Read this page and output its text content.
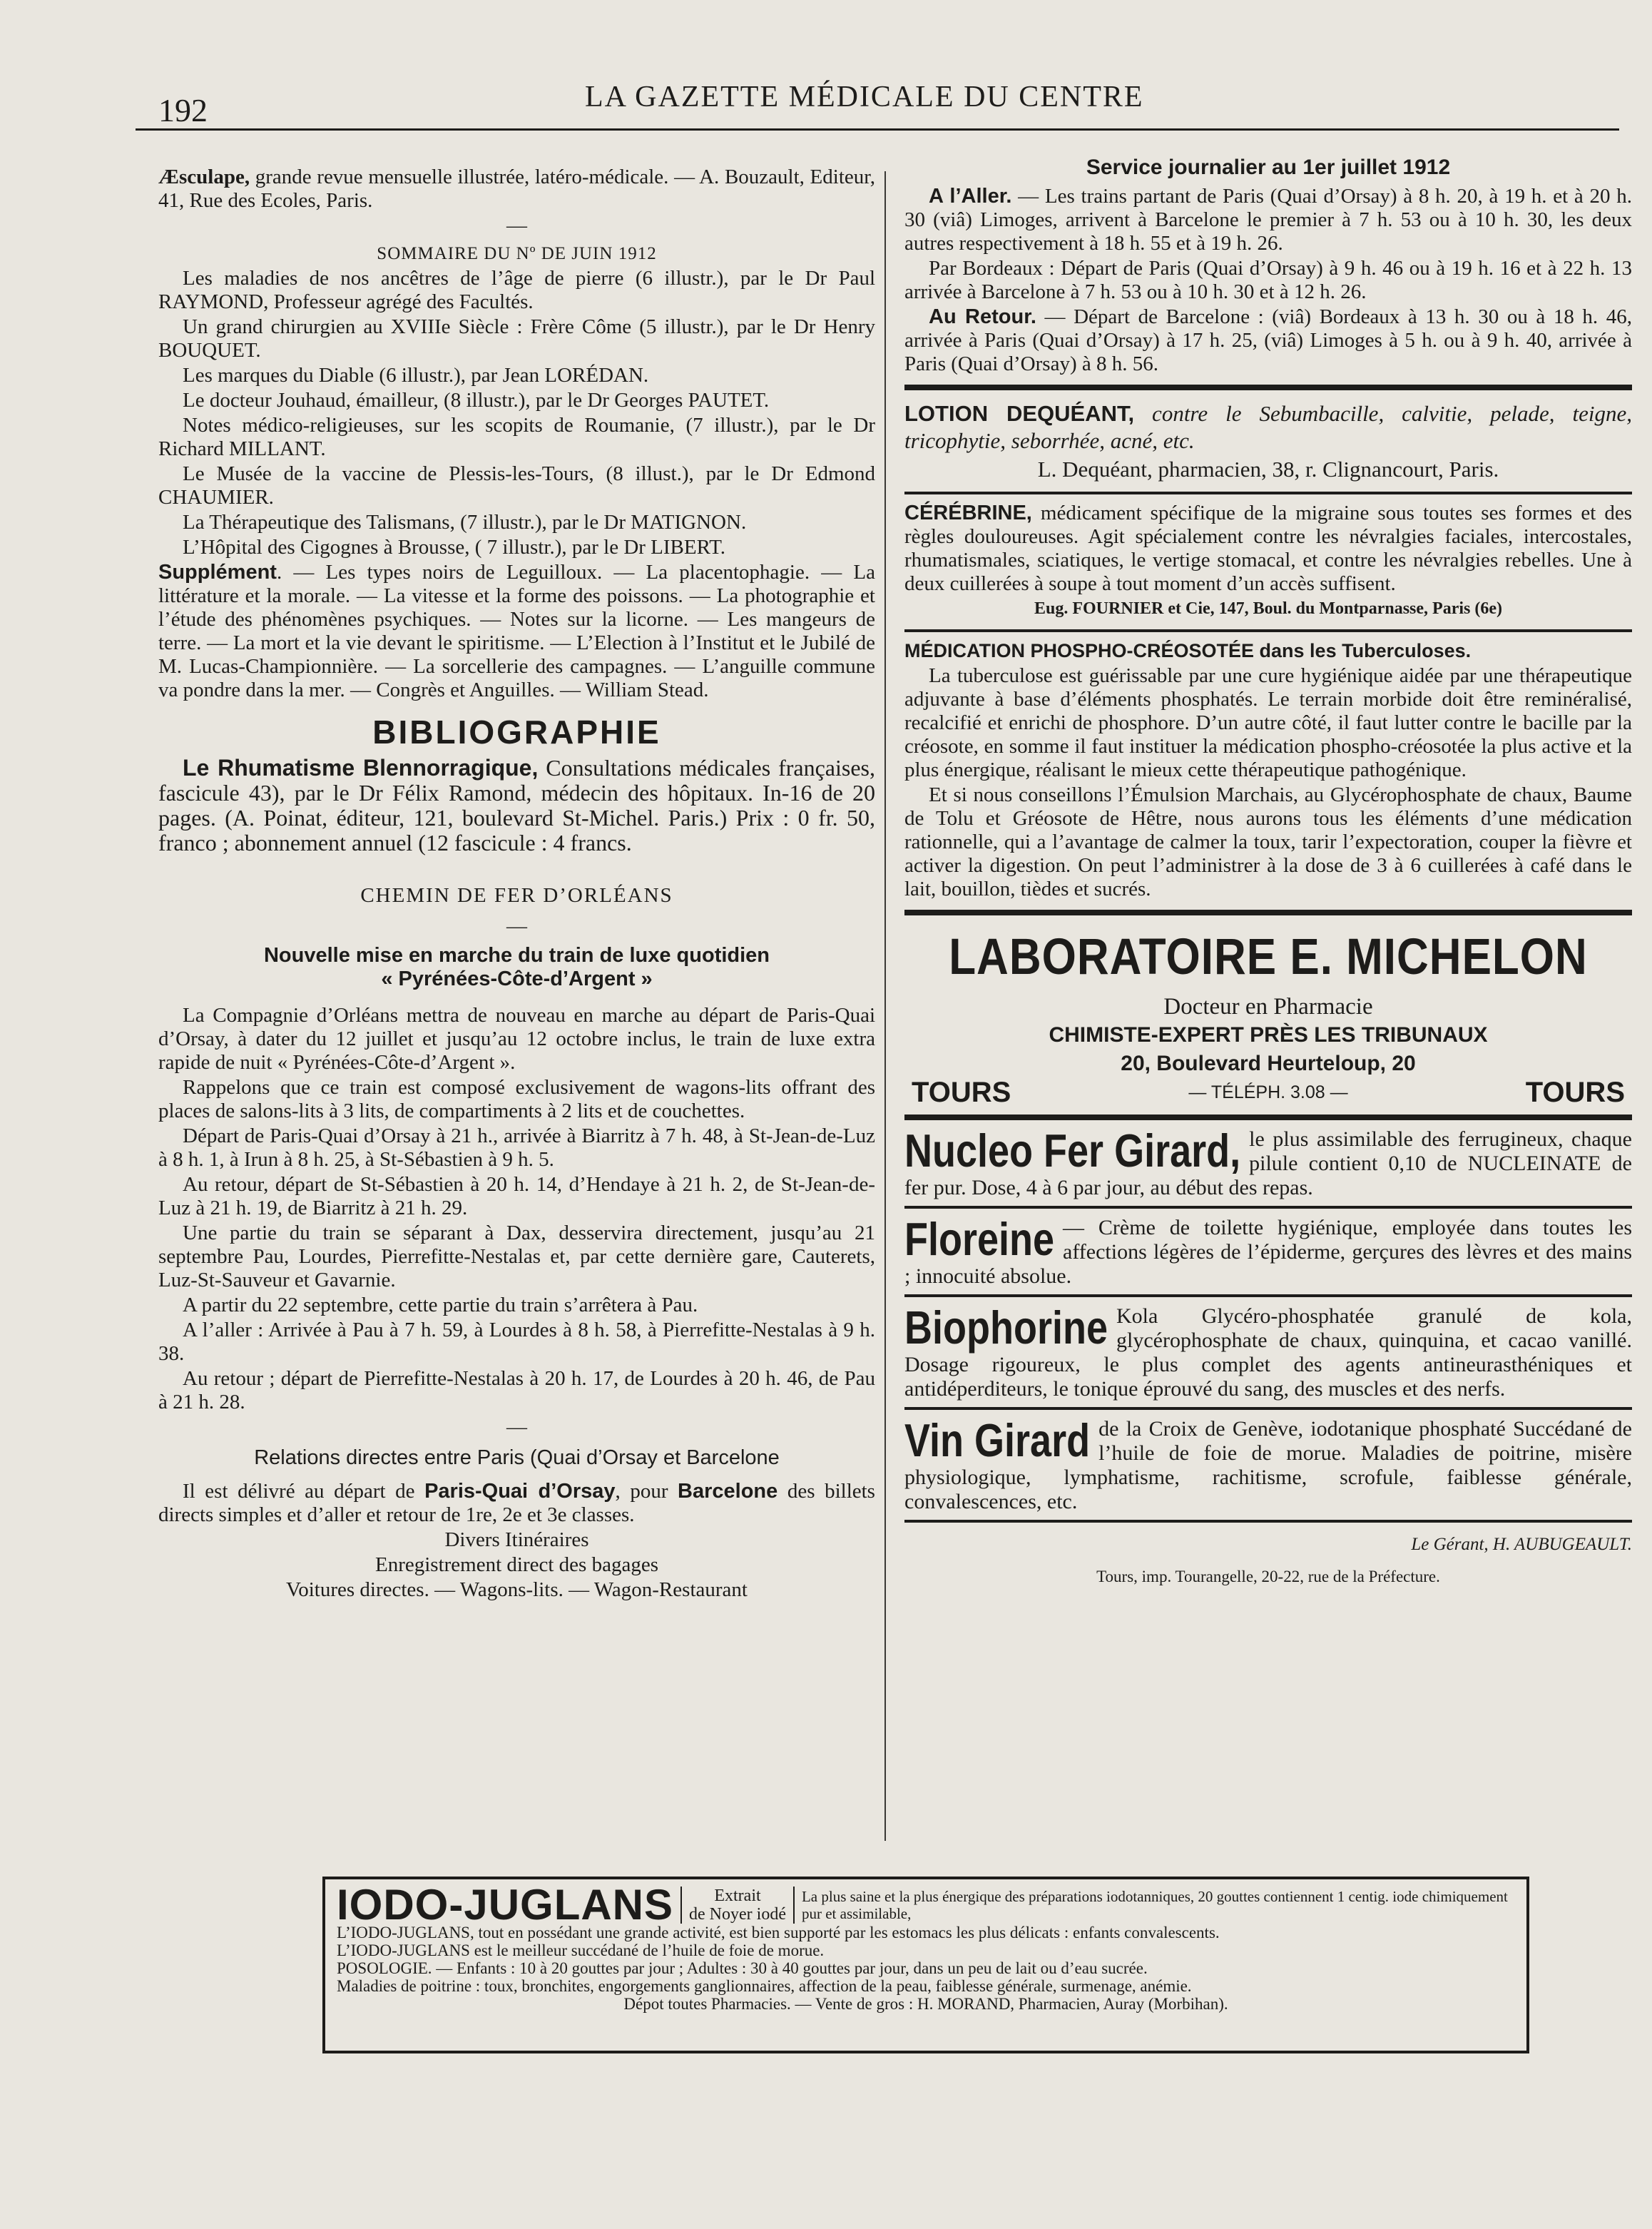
192	LA GAZETTE MÉDICALE DU CENTRE

Æsculape, grande revue mensuelle illustrée, latéro-médicale. — A. Bouzault, Editeur, 41, Rue des Ecoles, Paris.

—

SOMMAIRE DU Nº DE JUIN 1912

Les maladies de nos ancêtres de l’âge de pierre (6 illustr.), par le Dr Paul RAYMOND, Professeur agrégé des Facultés.

Un grand chirurgien au XVIIIe Siècle : Frère Côme (5 illustr.), par le Dr Henry BOUQUET.

Les marques du Diable (6 illustr.), par Jean LORÉDAN.

Le docteur Jouhaud, émailleur, (8 illustr.), par le Dr Georges PAUTET.

Notes médico-religieuses, sur les scopits de Roumanie, (7 illustr.), par le Dr Richard MILLANT.

Le Musée de la vaccine de Plessis-les-Tours, (8 illust.), par le Dr Edmond CHAUMIER.

La Thérapeutique des Talismans, (7 illustr.), par le Dr MATIGNON.

L’Hôpital des Cigognes à Brousse, ( 7 illustr.), par le Dr LIBERT.

Supplément. — Les types noirs de Leguilloux. — La placentophagie. — La littérature et la morale. — La vitesse et la forme des poissons. — La photographie et l’étude des phénomènes psychiques. — Notes sur la licorne. — Les mangeurs de terre. — La mort et la vie devant le spiritisme. — L’Election à l’Institut et le Jubilé de M. Lucas-Championnière. — La sorcellerie des campagnes. — L’anguille commune va pondre dans la mer. — Congrès et Anguilles. — William Stead.

BIBLIOGRAPHIE

Le Rhumatisme Blennorragique, Consultations médicales françaises, fascicule 43), par le Dr Félix Ramond, médecin des hôpitaux. In-16 de 20 pages. (A. Poinat, éditeur, 121, boulevard St-Michel. Paris.) Prix : 0 fr. 50, franco ; abonnement annuel (12 fascicule : 4 francs.

CHEMIN DE FER D’ORLÉANS
—
Nouvelle mise en marche du train de luxe quotidien
« Pyrénées-Côte-d’Argent »

La Compagnie d’Orléans mettra de nouveau en marche au départ de Paris-Quai d’Orsay, à dater du 12 juillet et jusqu’au 12 octobre inclus, le train de luxe extra rapide de nuit « Pyrénées-Côte-d’Argent ».

Rappelons que ce train est composé exclusivement de wagons-lits offrant des places de salons-lits à 3 lits, de compartiments à 2 lits et de couchettes.

Départ de Paris-Quai d’Orsay à 21 h., arrivée à Biarritz à 7 h. 48, à St-Jean-de-Luz à 8 h. 1, à Irun à 8 h. 25, à St-Sébastien à 9 h. 5.

Au retour, départ de St-Sébastien à 20 h. 14, d’Hendaye à 21 h. 2, de St-Jean-de-Luz à 21 h. 19, de Biarritz à 21 h. 29.

Une partie du train se séparant à Dax, desservira directement, jusqu’au 21 septembre Pau, Lourdes, Pierrefitte-Nestalas et, par cette dernière gare, Cauterets, Luz-St-Sauveur et Gavarnie.

A partir du 22 septembre, cette partie du train s’arrêtera à Pau.

A l’aller : Arrivée à Pau à 7 h. 59, à Lourdes à 8 h. 58, à Pierrefitte-Nestalas à 9 h. 38.

Au retour ; départ de Pierrefitte-Nestalas à 20 h. 17, de Lourdes à 20 h. 46, de Pau à 21 h. 28.

—

Relations directes entre Paris (Quai d’Orsay et Barcelone

Il est délivré au départ de Paris-Quai d’Orsay, pour Barcelone des billets directs simples et d’aller et retour de 1re, 2e et 3e classes.

Divers Itinéraires

Enregistrement direct des bagages

Voitures directes. — Wagons-lits. — Wagon-Restaurant

Service journalier au 1er juillet 1912

A l’Aller. — Les trains partant de Paris (Quai d’Orsay) à 8 h. 20, à 19 h. et à 20 h. 30 (viâ) Limoges, arrivent à Barcelone le premier à 7 h. 53 ou à 10 h. 30, les deux autres respectivement à 18 h. 55 et à 19 h. 26.

Par Bordeaux : Départ de Paris (Quai d’Orsay) à 9 h. 46 ou à 19 h. 16 et à 22 h. 13 arrivée à Barcelone à 7 h. 53 ou à 10 h. 30 et à 12 h. 26.

Au Retour. — Départ de Barcelone : (viâ) Bordeaux à 13 h. 30 ou à 18 h. 46, arrivée à Paris (Quai d’Orsay) à 17 h. 25, (viâ) Limoges à 5 h. ou à 9 h. 40, arrivée à Paris (Quai d’Orsay) à 8 h. 56.

LOTION DEQUÉANT, contre le Sebumbacille, calvitie, pelade, teigne, tricophytie, seborrhée, acné, etc.

L. Dequéant, pharmacien, 38, r. Clignancourt, Paris.

CÉRÉBRINE, médicament spécifique de la migraine sous toutes ses formes et des règles douloureuses. Agit spécialement contre les névralgies faciales, intercostales, rhumatismales, sciatiques, le vertige stomacal, et contre les névralgies rebelles. Une à deux cuillerées à soupe à tout moment d’un accès suffisent.

Eug. FOURNIER et Cie, 147, Boul. du Montparnasse, Paris (6e)

MÉDICATION PHOSPHO-CRÉOSOTÉE dans les Tuberculoses.

La tuberculose est guérissable par une cure hygiénique aidée par une thérapeutique adjuvante à base d’éléments phosphatés. Le terrain morbide doit être reminéralisé, recalcifié et enrichi de phosphore. D’un autre côté, il faut lutter contre le bacille par la créosote, en somme il faut instituer la médication phospho-créosotée la plus active et la plus énergique, réalisant le mieux cette thérapeutique pathogénique.

Et si nous conseillons l’Émulsion Marchais, au Glycérophosphate de chaux, Baume de Tolu et Gréosote de Hêtre, nous aurons tous les éléments d’une médication rationnelle, qui a l’avantage de calmer la toux, tarir l’expectoration, couper la fièvre et activer la digestion. On peut l’administrer à la dose de 3 à 6 cuillerées à café dans le lait, bouillon, tièdes et sucrés.

LABORATOIRE E. MICHELON
Docteur en Pharmacie
CHIMISTE-EXPERT PRÈS LES TRIBUNAUX
20, Boulevard Heurteloup, 20
TOURS	— TÉLÉPH. 3.08 —	TOURS
Nucleo Fer Girard, le plus assimilable des ferrugineux, chaque pilule contient 0,10 de NUCLEINATE de fer pur. Dose, 4 à 6 par jour, au début des repas.
Floreine — Crème de toilette hygiénique, employée dans toutes les affections légères de l’épiderme, gerçures des lèvres et des mains ; innocuité absolue.
Biophorine Kola Glycéro-phosphatée granulé de kola, glycérophosphate de chaux, quinquina, et cacao vanillé. Dosage rigoureux, le plus complet des agents antineurasthéniques et antidéperditeurs, le tonique éprouvé du sang, des muscles et des nerfs.
Vin Girard de la Croix de Genève, iodotanique phosphaté Succédané de l’huile de foie de morue. Maladies de poitrine, misère physiologique, lymphatisme, rachitisme, scrofule, faiblesse générale, convalescences, etc.
Le Gérant, H. AUBUGEAULT.
Tours, imp. Tourangelle, 20-22, rue de la Préfecture.
IODO-JUGLANS	Extrait
de Noyer iodé
La plus saine et la plus énergique des préparations iodotanniques, 20 gouttes contiennent 1 centig. iode chimiquement pur et assimilable,
L’IODO-JUGLANS, tout en possédant une grande activité, est bien supporté par les estomacs les plus délicats : enfants convalescents.
L’IODO-JUGLANS est le meilleur succédané de l’huile de foie de morue.
POSOLOGIE. — Enfants : 10 à 20 gouttes par jour ; Adultes : 30 à 40 gouttes par jour, dans un peu de lait ou d’eau sucrée.
Maladies de poitrine : toux, bronchites, engorgements ganglionnaires, affection de la peau, faiblesse générale, surmenage, anémie.
Dépot toutes Pharmacies. — Vente de gros : H. MORAND, Pharmacien, Auray (Morbihan).
